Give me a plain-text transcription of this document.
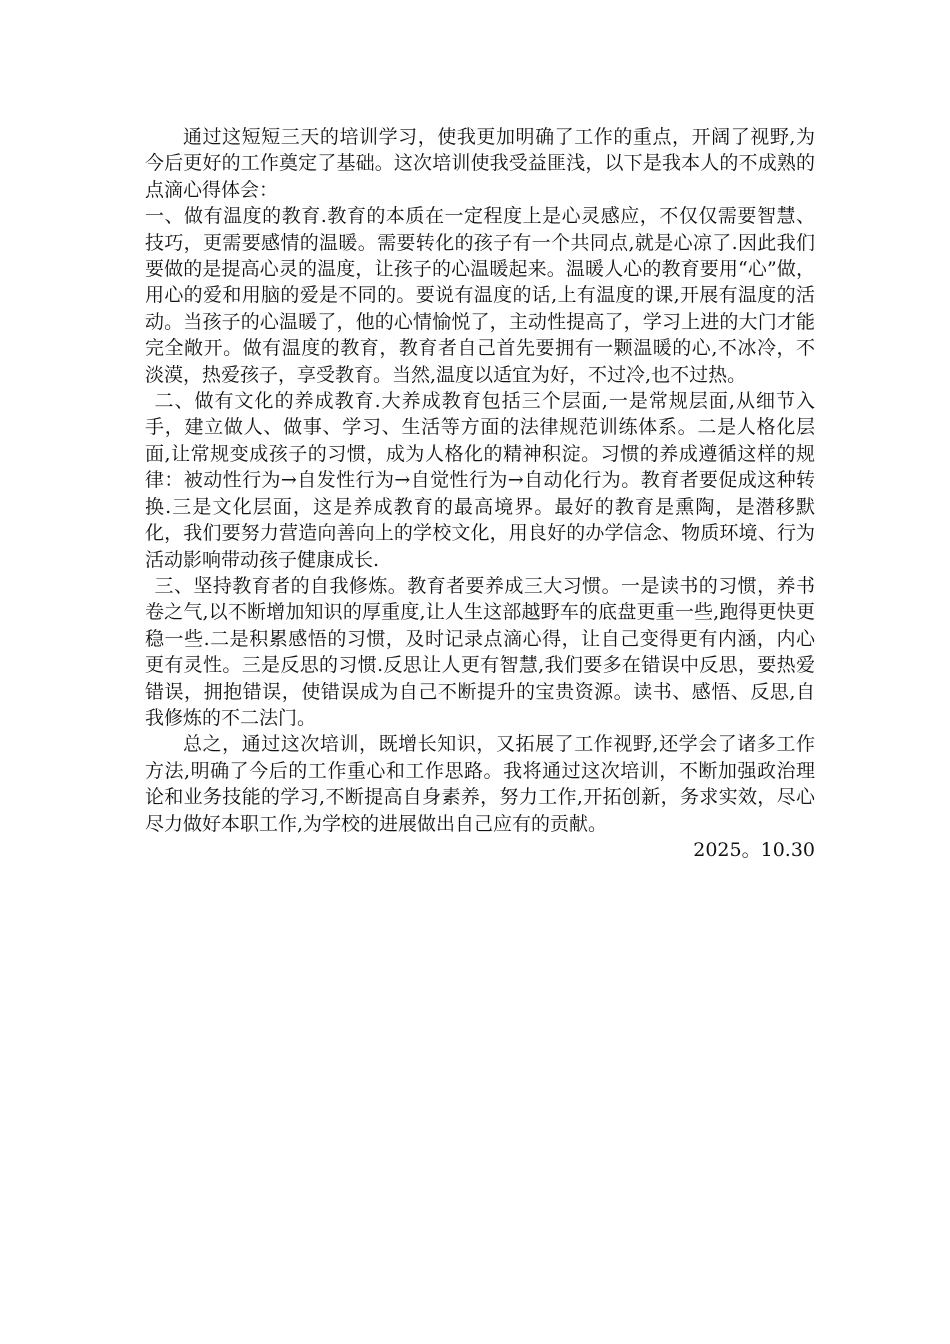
通过这短短三天的培训学习，使我更加明确了工作的重点，开阔了视野,为今后更好的工作奠定了基础。这次培训使我受益匪浅，以下是我本人的不成熟的点滴心得体会：

一、做有温度的教育.教育的本质在一定程度上是心灵感应，不仅仅需要智慧、技巧，更需要感情的温暖。需要转化的孩子有一个共同点,就是心凉了.因此我们要做的是提高心灵的温度，让孩子的心温暖起来。温暖人心的教育要用“心”做，用心的爱和用脑的爱是不同的。要说有温度的话,上有温度的课,开展有温度的活动。当孩子的心温暖了，他的心情愉悦了，主动性提高了，学习上进的大门才能完全敞开。做有温度的教育，教育者自己首先要拥有一颗温暖的心,不冰冷，不淡漠，热爱孩子，享受教育。当然,温度以适宜为好，不过冷,也不过热。

二、做有文化的养成教育.大养成教育包括三个层面,一是常规层面,从细节入手，建立做人、做事、学习、生活等方面的法律规范训练体系。二是人格化层面,让常规变成孩子的习惯，成为人格化的精神积淀。习惯的养成遵循这样的规律：被动性行为→自发性行为→自觉性行为→自动化行为。教育者要促成这种转换.三是文化层面，这是养成教育的最高境界。最好的教育是熏陶，是潜移默化，我们要努力营造向善向上的学校文化，用良好的办学信念、物质环境、行为活动影响带动孩子健康成长.

三、坚持教育者的自我修炼。教育者要养成三大习惯。一是读书的习惯，养书卷之气,以不断增加知识的厚重度,让人生这部越野车的底盘更重一些,跑得更快更稳一些.二是积累感悟的习惯，及时记录点滴心得，让自己变得更有内涵，内心更有灵性。三是反思的习惯.反思让人更有智慧,我们要多在错误中反思，要热爱错误，拥抱错误，使错误成为自己不断提升的宝贵资源。读书、感悟、反思,自我修炼的不二法门。

总之，通过这次培训，既增长知识，又拓展了工作视野,还学会了诸多工作方法,明确了今后的工作重心和工作思路。我将通过这次培训，不断加强政治理论和业务技能的学习,不断提高自身素养，努力工作,开拓创新，务求实效，尽心尽力做好本职工作,为学校的进展做出自己应有的贡献。

2025。10.30
